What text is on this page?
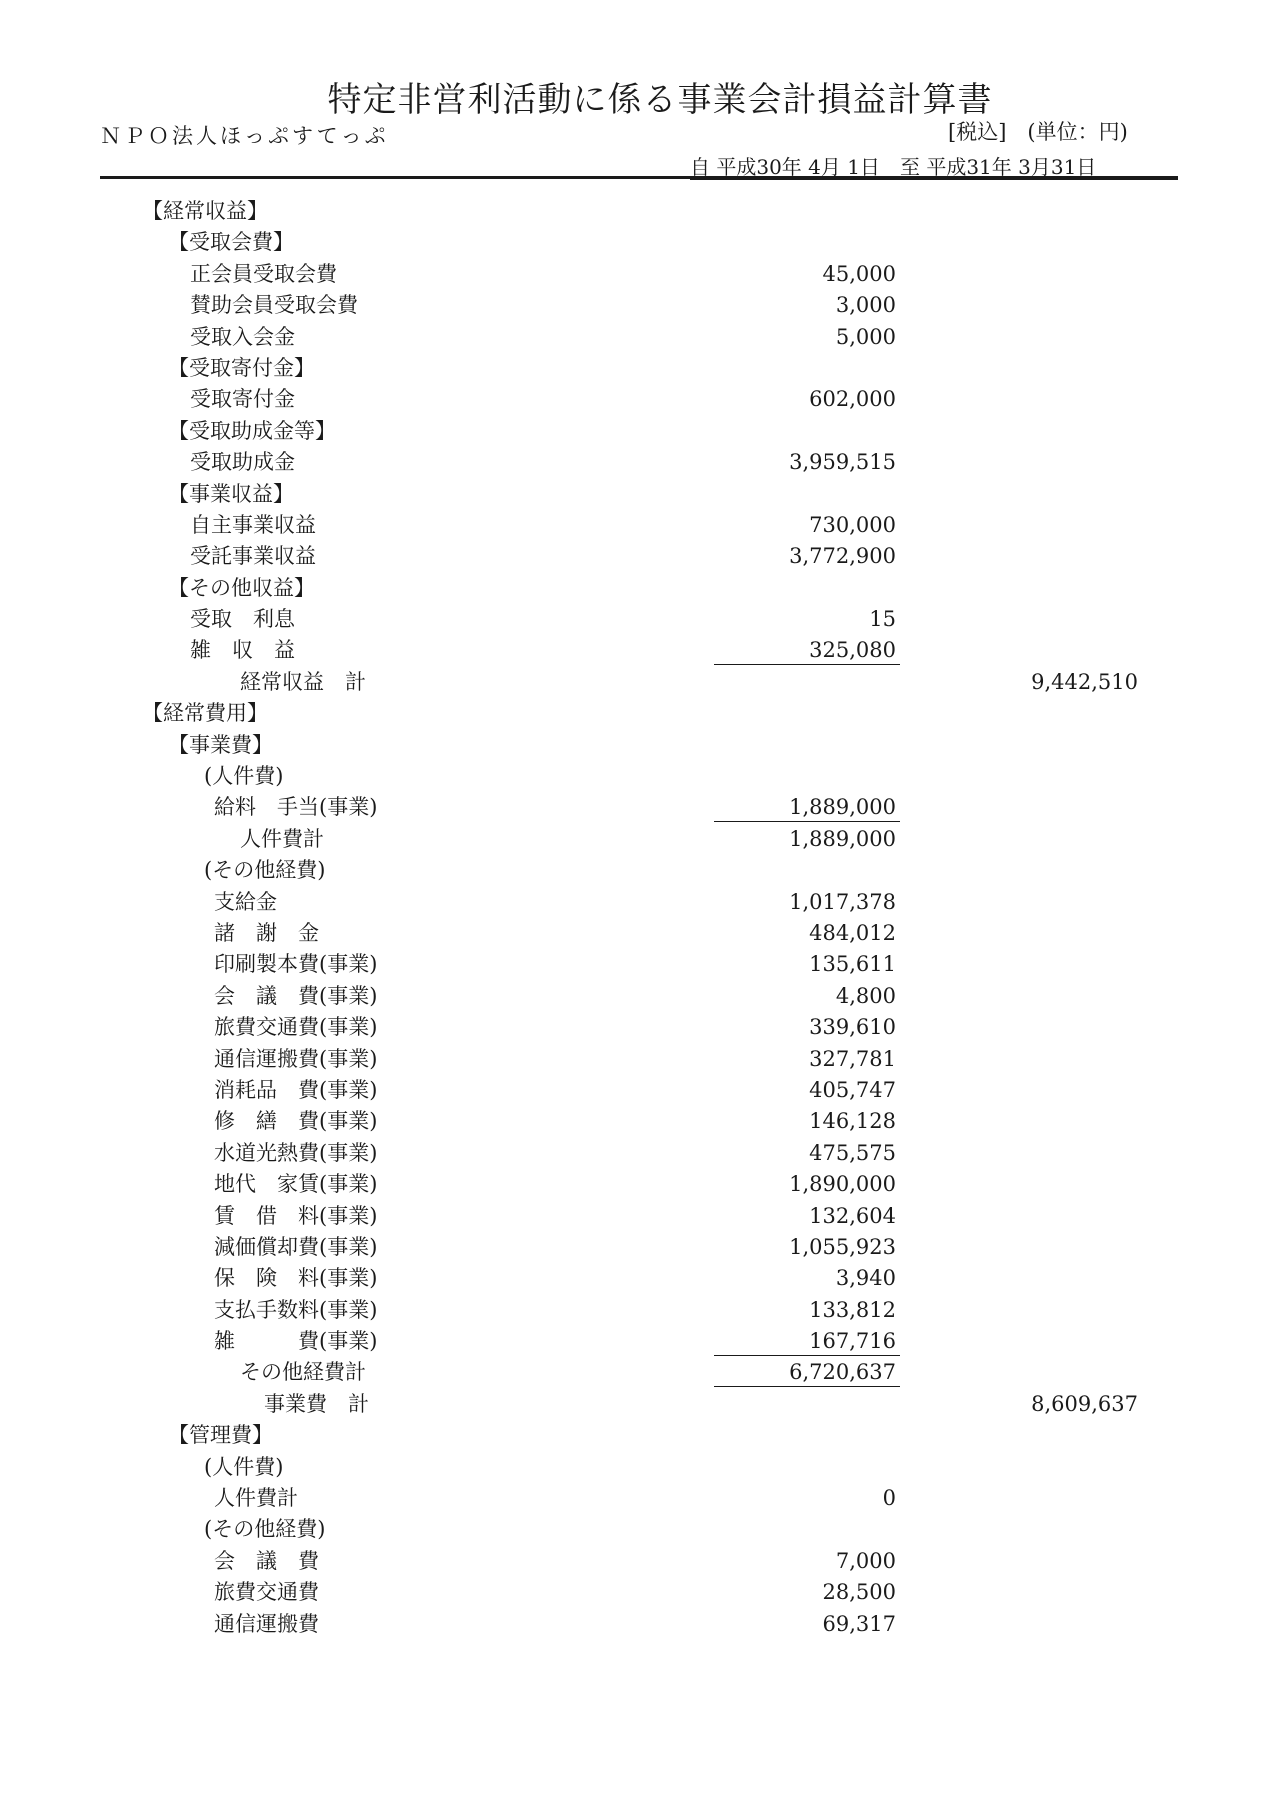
特定非営利活動に係る事業会計損益計算書
ＮＰＯ法人ほっぷすてっぷ	[税込]　(単位：円)
自 平成30年 4月 1日　至 平成31年 3月31日
【経常収益】
【受取会費】
正会員受取会費	45,000
賛助会員受取会費	3,000
受取入会金	5,000
【受取寄付金】
受取寄付金	602,000
【受取助成金等】
受取助成金	3,959,515
【事業収益】
自主事業収益	730,000
受託事業収益	3,772,900
【その他収益】
受取　利息	15
雑　収　益	325,080
経常収益　計	9,442,510
【経常費用】
【事業費】
(人件費)
給料　手当(事業)	1,889,000
人件費計	1,889,000
(その他経費)
支給金	1,017,378
諸　謝　金	484,012
印刷製本費(事業)	135,611
会　議　費(事業)	4,800
旅費交通費(事業)	339,610
通信運搬費(事業)	327,781
消耗品　費(事業)	405,747
修　繕　費(事業)	146,128
水道光熱費(事業)	475,575
地代　家賃(事業)	1,890,000
賃　借　料(事業)	132,604
減価償却費(事業)	1,055,923
保　険　料(事業)	3,940
支払手数料(事業)	133,812
雑　　　費(事業)	167,716
その他経費計	6,720,637
事業費　計	8,609,637
【管理費】
(人件費)
人件費計	0
(その他経費)
会　議　費	7,000
旅費交通費	28,500
通信運搬費	69,317
